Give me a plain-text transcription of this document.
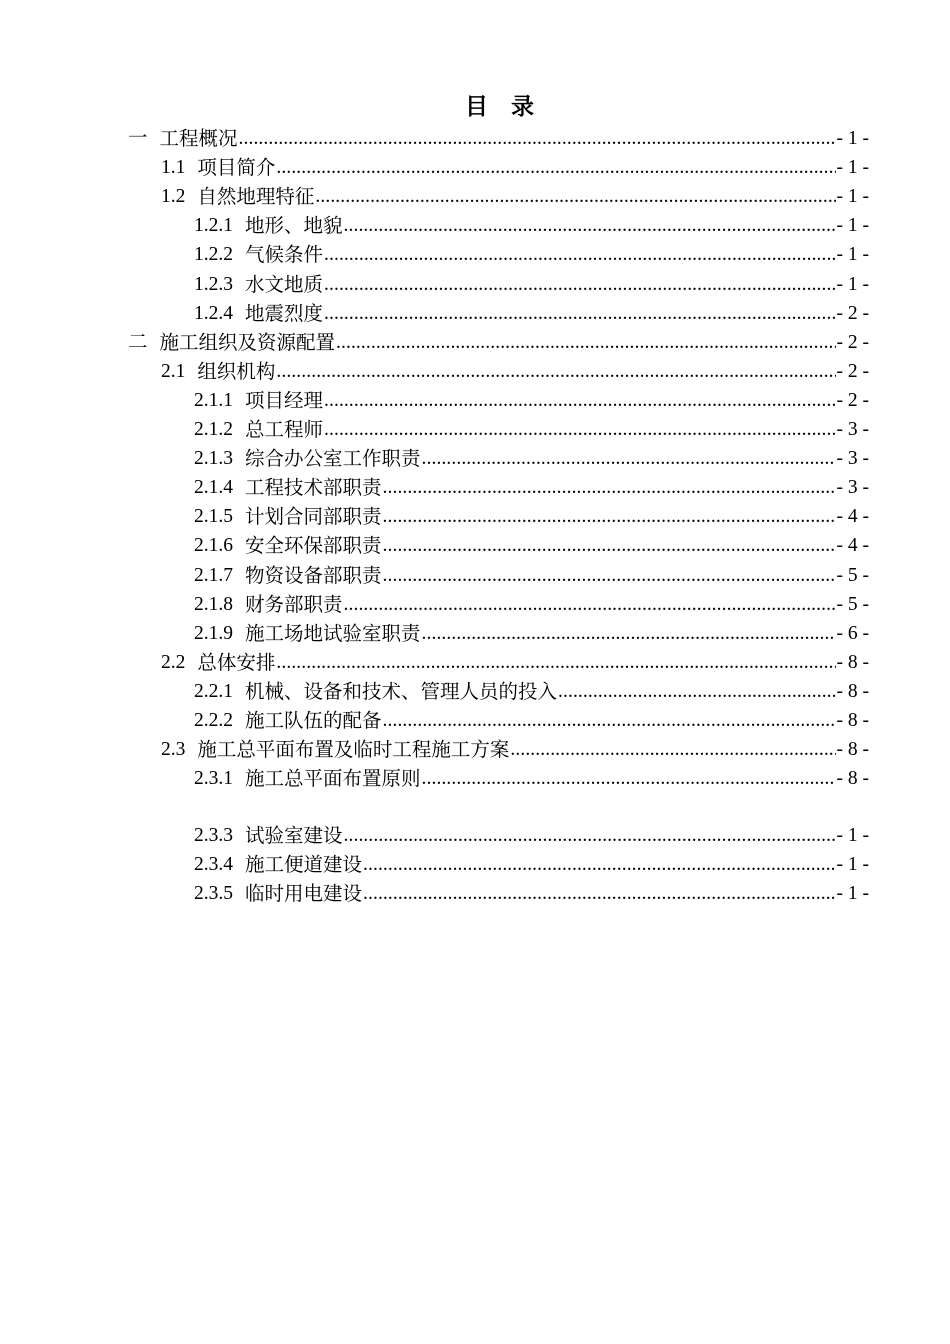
目 录
一 工程概况 .....	- 1 -
1.1 项目简介 .....	- 1 -
1.2 自然地理特征 .....	- 1 -
1.2.1 地形、地貌 .....	- 1 -
1.2.2 气候条件 .....	- 1 -
1.2.3 水文地质 .....	- 1 -
1.2.4 地震烈度 .....	- 2 -
二 施工组织及资源配置 .....	- 2 -
2.1 组织机构 .....	- 2 -
2.1.1 项目经理 .....	- 2 -
2.1.2 总工程师 .....	- 3 -
2.1.3 综合办公室工作职责 .....	- 3 -
2.1.4 工程技术部职责 .....	- 3 -
2.1.5 计划合同部职责 .....	- 4 -
2.1.6 安全环保部职责 .....	- 4 -
2.1.7 物资设备部职责 .....	- 5 -
2.1.8 财务部职责 .....	- 5 -
2.1.9 施工场地试验室职责 .....	- 6 -
2.2 总体安排 .....	- 8 -
2.2.1 机械、设备和技术、管理人员的投入 .....	- 8 -
2.2.2 施工队伍的配备 .....	- 8 -
2.3 施工总平面布置及临时工程施工方案 .....	- 8 -
2.3.1 施工总平面布置原则 .....	- 8 -
2.3.3 试验室建设 .....	- 1 -
2.3.4 施工便道建设 .....	- 1 -
2.3.5 临时用电建设 .....	- 1 -
